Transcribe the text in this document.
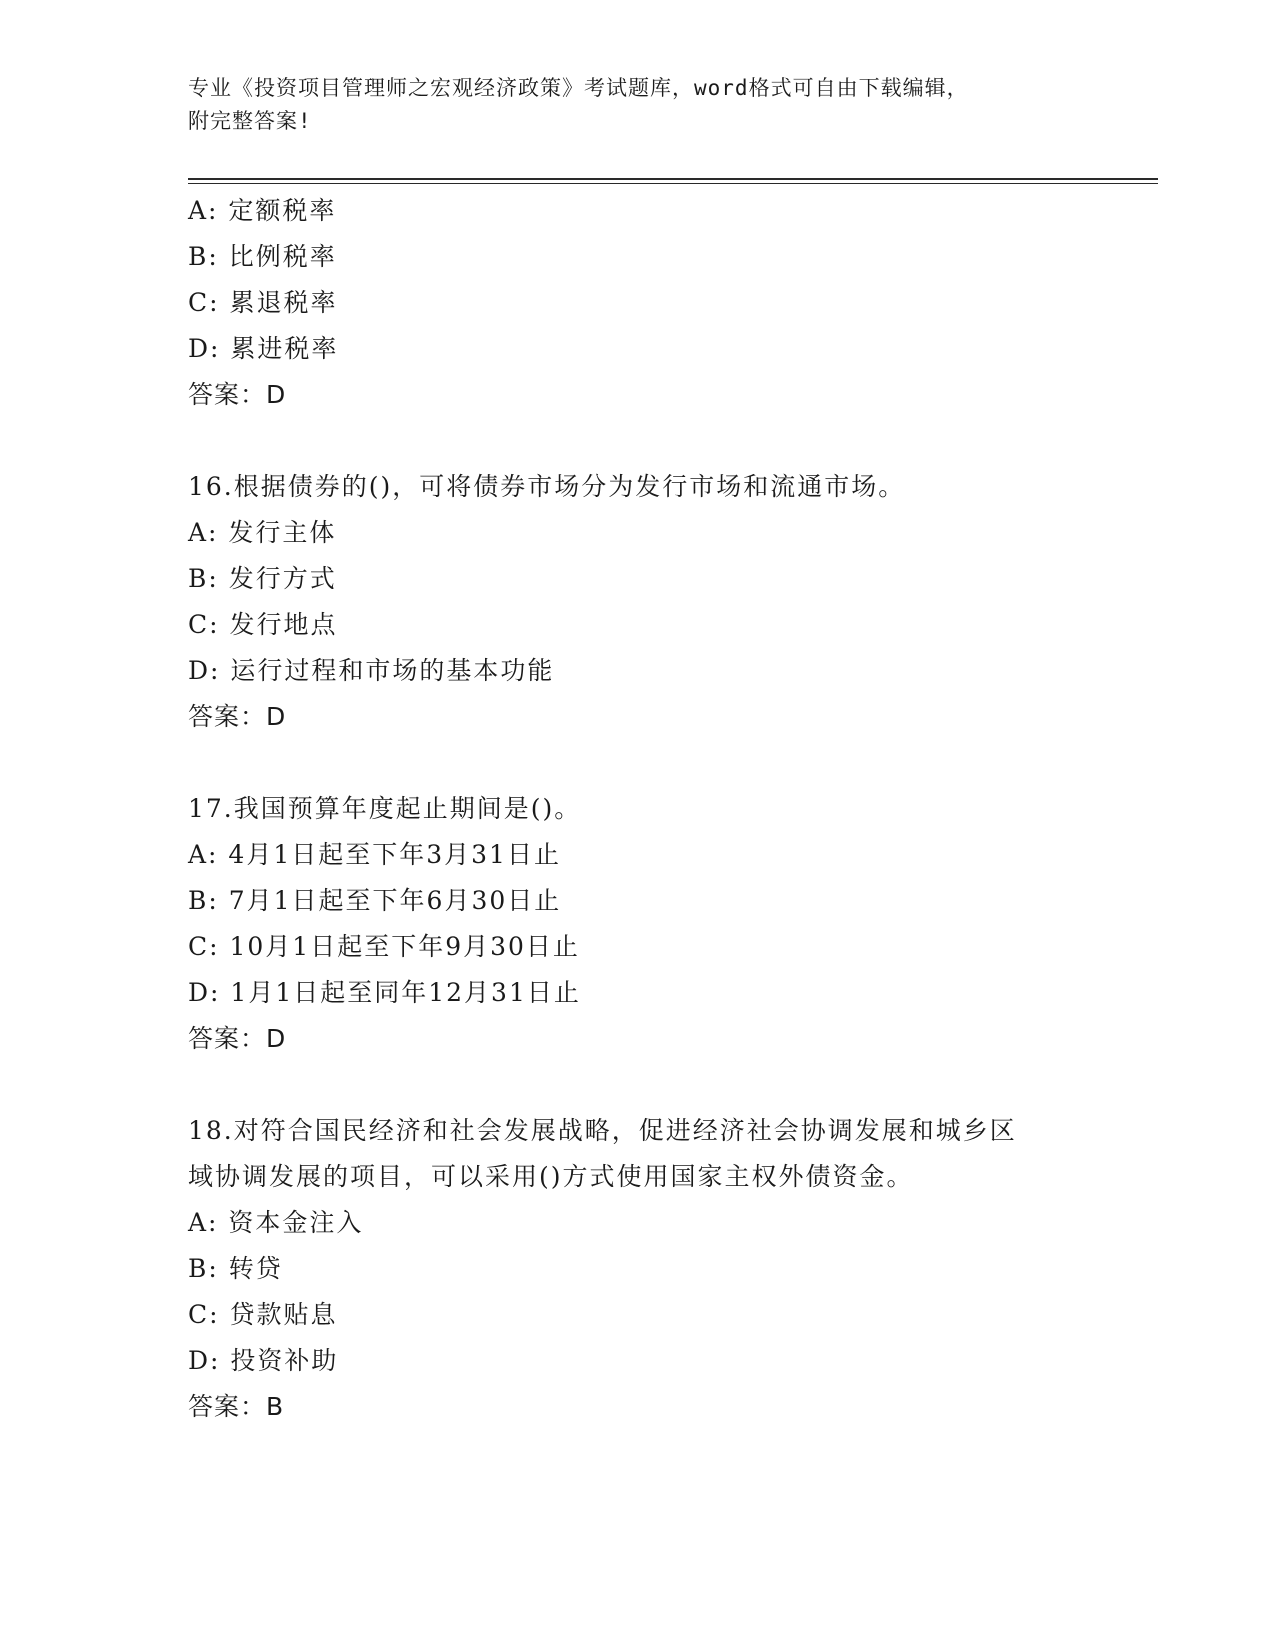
专业《投资项目管理师之宏观经济政策》考试题库，word格式可自由下载编辑，
附完整答案!
A: 定额税率
B: 比例税率
C: 累退税率
D: 累进税率
答案：D
16.根据债券的()，可将债券市场分为发行市场和流通市场。
A: 发行主体
B: 发行方式
C: 发行地点
D: 运行过程和市场的基本功能
答案：D
17.我国预算年度起止期间是()。
A: 4月1日起至下年3月31日止
B: 7月1日起至下年6月30日止
C: 10月1日起至下年9月30日止
D: 1月1日起至同年12月31日止
答案：D
18.对符合国民经济和社会发展战略，促进经济社会协调发展和城乡区
域协调发展的项目，可以采用()方式使用国家主权外债资金。
A: 资本金注入
B: 转贷
C: 贷款贴息
D: 投资补助
答案：B
